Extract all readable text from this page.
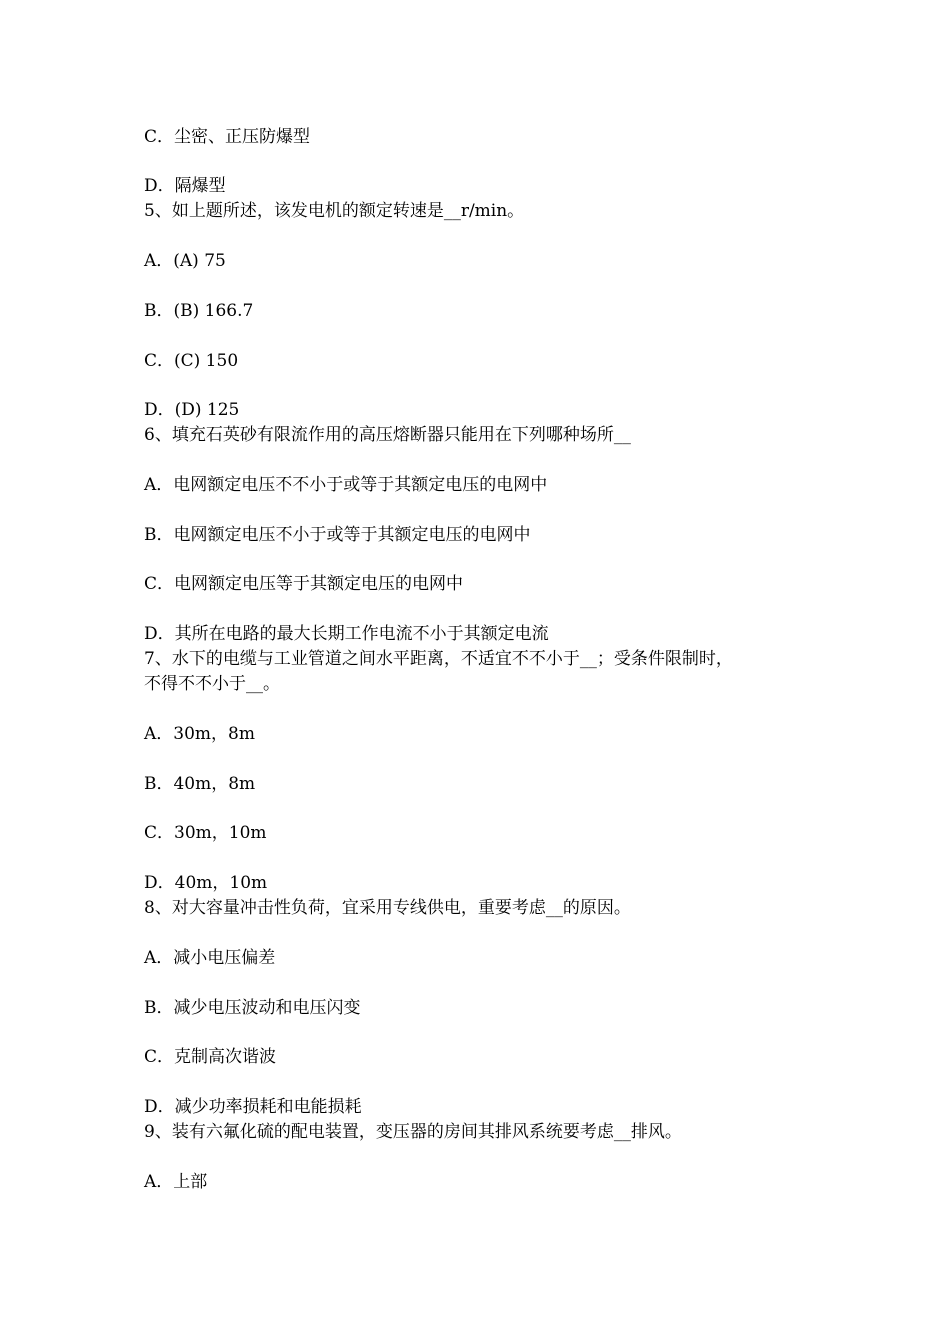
C．尘密、正压防爆型
D．隔爆型
5、如上题所述，该发电机的额定转速是__r/min。
A．(A) 75
B．(B) 166.7
C．(C) 150
D．(D) 125
6、填充石英砂有限流作用的高压熔断器只能用在下列哪种场所__
A．电网额定电压不不小于或等于其额定电压的电网中
B．电网额定电压不小于或等于其额定电压的电网中
C．电网额定电压等于其额定电压的电网中
D．其所在电路的最大长期工作电流不小于其额定电流
7、水下的电缆与工业管道之间水平距离，不适宜不不小于__；受条件限制时，
不得不不小于__。
A．30m，8m
B．40m，8m
C．30m，10m
D．40m，10m
8、对大容量冲击性负荷，宜采用专线供电，重要考虑__的原因。
A．减小电压偏差
B．减少电压波动和电压闪变
C．克制高次谐波
D．减少功率损耗和电能损耗
9、装有六氟化硫的配电装置，变压器的房间其排风系统要考虑__排风。
A．上部
